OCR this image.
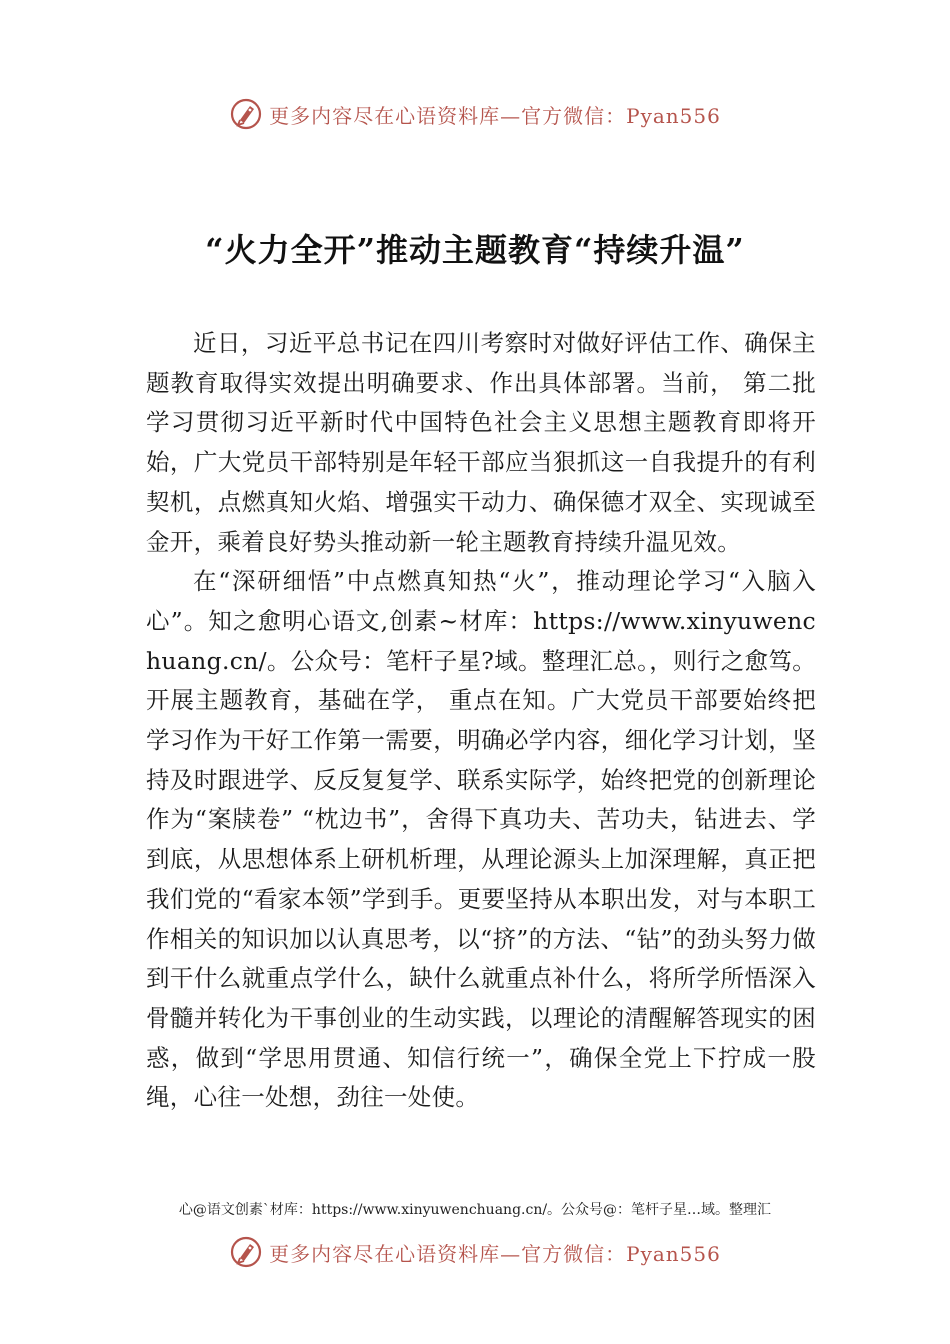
更多内容尽在心语资料库—官方微信：Pyan556
“火力全开”推动主题教育“持续升温”

近日，习近平总书记在四川考察时对做好评估工作、确保主题教育取得实效提出明确要求、作出具体部署。当前， 第二批学习贯彻习近平新时代中国特色社会主义思想主题教育即将开始，广大党员干部特别是年轻干部应当狠抓这一自我提升的有利契机，点燃真知火焰、增强实干动力、确保德才双全、实现诚至金开，乘着良好势头推动新一轮主题教育持续升温见效。

在“深研细悟”中点燃真知热“火”，推动理论学习“入脑入心”。知之愈明心语文,创素~材库：https://www.xinyuwenchuang.cn/。公众号：笔杆子星?域。整理汇总。，则行之愈笃。开展主题教育，基础在学， 重点在知。广大党员干部要始终把学习作为干好工作第一需要，明确必学内容，细化学习计划，坚持及时跟进学、反反复复学、联系实际学，始终把党的创新理论作为“案牍卷” “枕边书”，舍得下真功夫、苦功夫，钻进去、学到底，从思想体系上研机析理，从理论源头上加深理解，真正把我们党的“看家本领”学到手。更要坚持从本职出发，对与本职工作相关的知识加以认真思考，以“挤”的方法、“钻”的劲头努力做到干什么就重点学什么，缺什么就重点补什么，将所学所悟深入骨髓并转化为干事创业的生动实践，以理论的清醒解答现实的困惑，做到“学思用贯通、知信行统一”，确保全党上下拧成一股绳，心往一处想，劲往一处使。

心@语文创素`材库：https://www.xinyuwenchuang.cn/。公众号@：笔杆子星…域。整理汇
更多内容尽在心语资料库—官方微信：Pyan556
